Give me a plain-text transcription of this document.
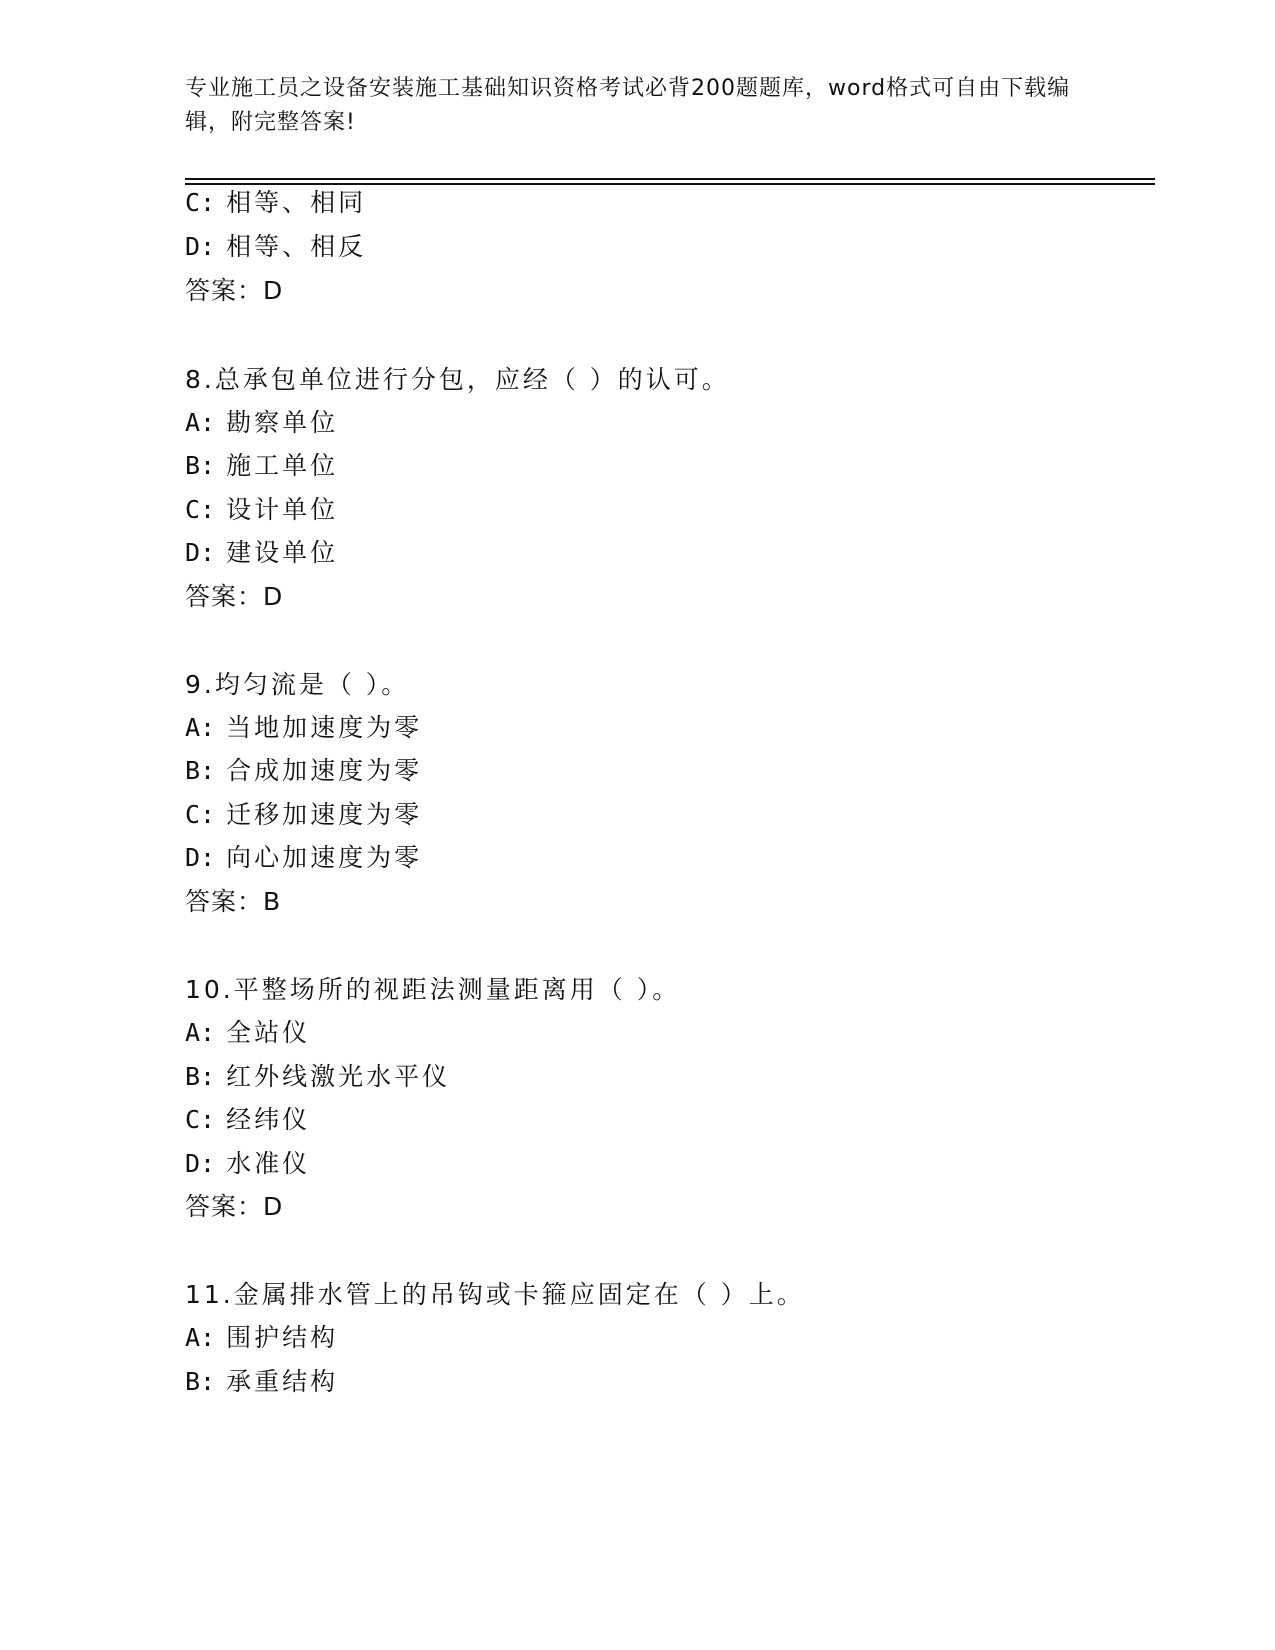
专业施工员之设备安装施工基础知识资格考试必背200题题库，word格式可自由下载编辑，附完整答案!
C: 相等、相同
D: 相等、相反
答案：D
8.总承包单位进行分包，应经（ ）的认可。
A: 勘察单位
B: 施工单位
C: 设计单位
D: 建设单位
答案：D
9.均匀流是（ ）。
A: 当地加速度为零
B: 合成加速度为零
C: 迁移加速度为零
D: 向心加速度为零
答案：B
10.平整场所的视距法测量距离用（ ）。
A: 全站仪
B: 红外线激光水平仪
C: 经纬仪
D: 水准仪
答案：D
11.金属排水管上的吊钩或卡箍应固定在（ ）上。
A: 围护结构
B: 承重结构
